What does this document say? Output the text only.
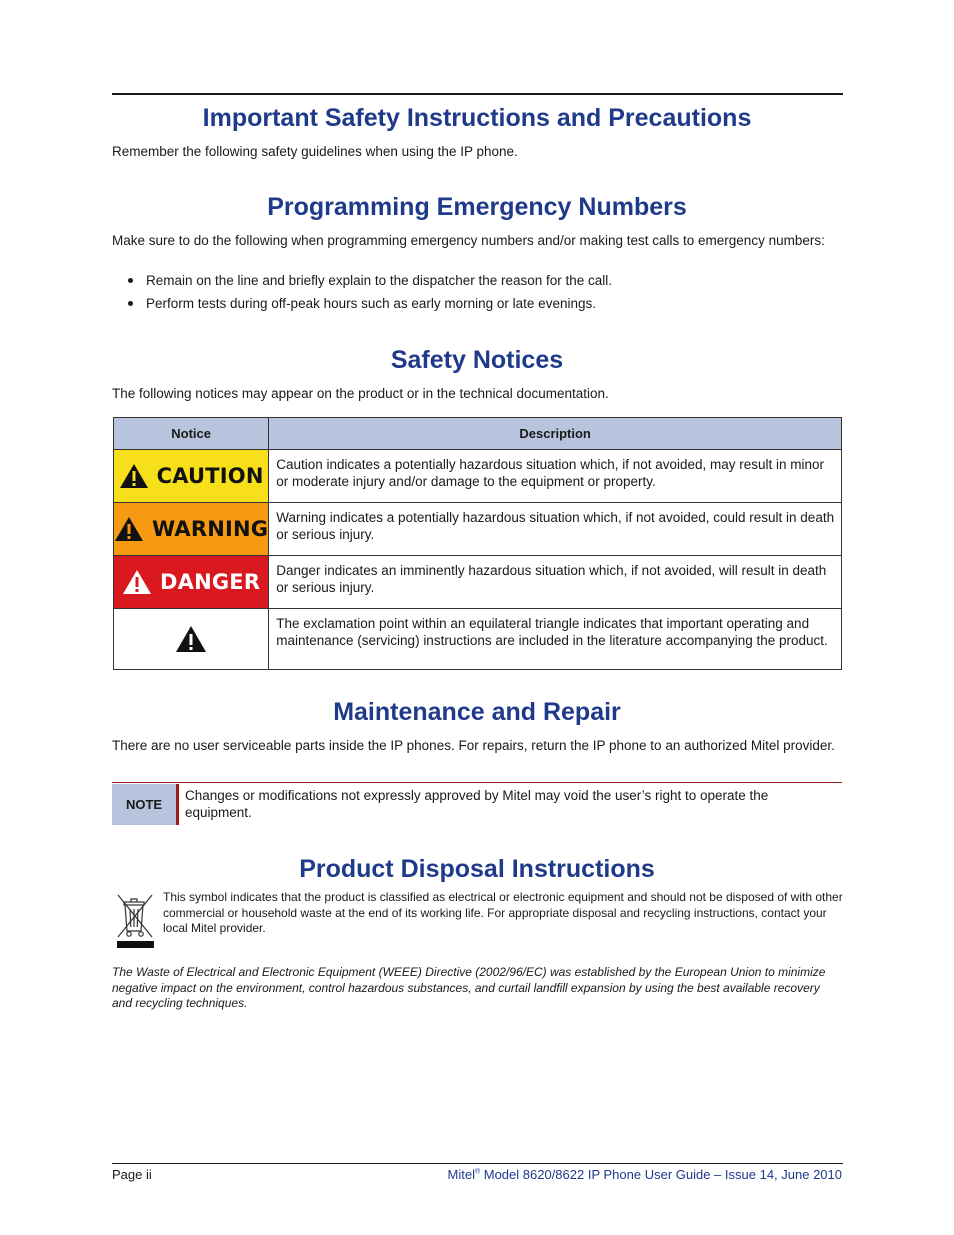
Important Safety Instructions and Precautions

Remember the following safety guidelines when using the IP phone.

Programming Emergency Numbers

Make sure to do the following when programming emergency numbers and/or making test calls to emergency numbers:

Remain on the line and briefly explain to the dispatcher the reason for the call.
Perform tests during off-peak hours such as early morning or late evenings.
Safety Notices

The following notices may appear on the product or in the technical documentation.

Notice	Description

CAUTION	Caution indicates a potentially hazardous situation which, if not avoided, may result in minor or moderate injury and/or damage to the equipment or property.

WARNING	Warning indicates a potentially hazardous situation which, if not avoided, could result in death or serious injury.

DANGER	Danger indicates an imminently hazardous situation which, if not avoided, will result in death or serious injury.

	The exclamation point within an equilateral triangle indicates that important operating and maintenance (servicing) instructions are included in the literature accompanying the product.
Maintenance and Repair

There are no user serviceable parts inside the IP phones. For repairs, return the IP phone to an authorized Mitel provider.

NOTE
Changes or modifications not expressly approved by Mitel may void the user’s right to operate the equipment.
Product Disposal Instructions
This symbol indicates that the product is classified as electrical or electronic equipment and should not be disposed of with other commercial or household waste at the end of its working life. For appropriate disposal and recycling instructions, contact your local Mitel provider.

The Waste of Electrical and Electronic Equipment (WEEE) Directive (2002/96/EC) was established by the European Union to minimize negative impact on the environment, control hazardous substances, and curtail landfill expansion by using the best available recovery and recycling techniques.

Page ii	Mitel® Model 8620/8622 IP Phone User Guide – Issue 14, June 2010
